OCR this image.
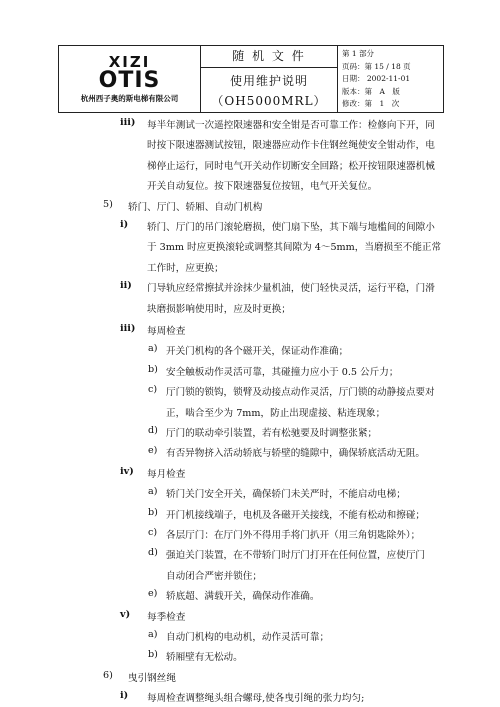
XIZI
OTIS
杭州西子奥的斯电梯有限公司
随 机 文 件
使用维护说明
（OH5000MRL）
第 1 部分
页码：第 15 / 18 页
日期： 2002-11-01
版本：第　A　版
修改：第　1　次
iii) 每半年测试一次遥控限速器和安全钳是否可靠工作：检修向下开，同
时按下限速器测试按钮，限速器应动作卡住钢丝绳使安全钳动作，电
梯停止运行，同时电气开关动作切断安全回路；松开按钮限速器机械
开关自动复位。按下限速器复位按钮，电气开关复位。
5) 轿门、厅门、轿厢、自动门机构
i) 轿门、厅门的吊门滚轮磨损，使门扇下坠，其下端与地槛间的间隙小
于 3mm 时应更换滚轮或调整其间隙为 4～5mm，当磨损至不能正常
工作时，应更换；
ii) 门导轨应经常擦拭并涂抹少量机油，使门轻快灵活，运行平稳，门滑
块磨损影响使用时，应及时更换；
iii) 每周检查
a) 开关门机构的各个磁开关，保证动作准确；
b) 安全触板动作灵活可靠，其碰撞力应小于 0.5 公斤力；
c) 厅门锁的锁钩，锁臂及动接点动作灵活，厅门锁的动静接点要对
正，啮合至少为 7mm，防止出现虚接、粘连现象；
d) 厅门的联动牵引装置，若有松驰要及时调整张紧；
e) 有否异物挤入活动轿底与轿壁的缝隙中，确保轿底活动无阻。
iv) 每月检查
a) 轿门关门安全开关，确保轿门未关严时，不能启动电梯；
b) 开门机接线端子，电机及各磁开关接线，不能有松动和擦碰；
c) 各层厅门：在厅门外不得用手将门扒开（用三角钥匙除外）；
d) 强迫关门装置，在不带轿门时厅门打开在任何位置，应使厅门
自动闭合严密并锁住；
e) 轿底超、满载开关，确保动作准确。
v) 每季检查
a) 自动门机构的电动机，动作灵活可靠；
b) 轿厢壁有无松动。
6) 曳引钢丝绳
i) 每周检查调整绳头组合螺母,使各曳引绳的张力均匀;
